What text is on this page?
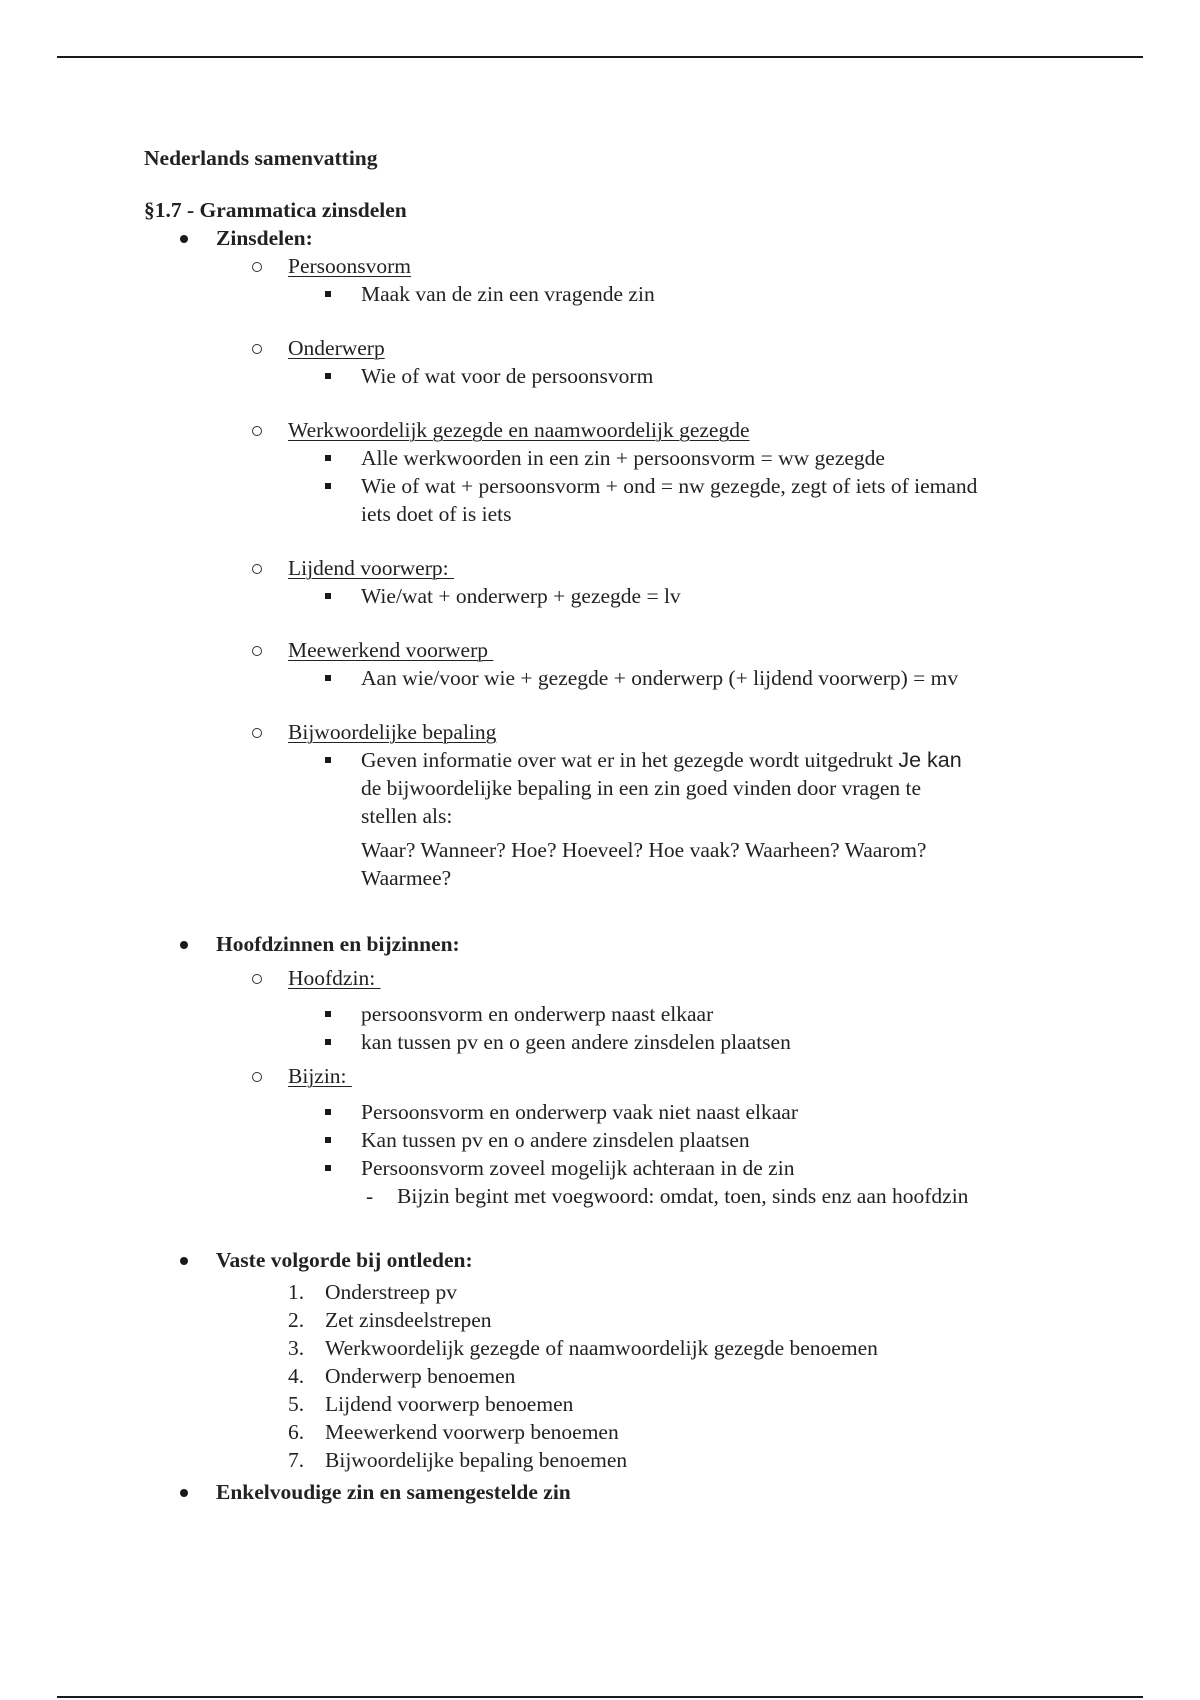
Nederlands samenvatting
§1.7 - Grammatica zinsdelen
Zinsdelen:
Persoonsvorm
Maak van de zin een vragende zin
Onderwerp
Wie of wat voor de persoonsvorm
Werkwoordelijk gezegde en naamwoordelijk gezegde
Alle werkwoorden in een zin + persoonsvorm = ww gezegde
Wie of wat + persoonsvorm + ond = nw gezegde, zegt of iets of iemand
iets doet of is iets
Lijdend voorwerp:
Wie/wat + onderwerp + gezegde = lv
Meewerkend voorwerp
Aan wie/voor wie + gezegde + onderwerp (+ lijdend voorwerp) = mv
Bijwoordelijke bepaling
Geven informatie over wat er in het gezegde wordt uitgedrukt Je kan
de bijwoordelijke bepaling in een zin goed vinden door vragen te
stellen als:
Waar? Wanneer? Hoe? Hoeveel? Hoe vaak? Waarheen? Waarom?
Waarmee?
Hoofdzinnen en bijzinnen:
Hoofdzin:
persoonsvorm en onderwerp naast elkaar
kan tussen pv en o geen andere zinsdelen plaatsen
Bijzin:
Persoonsvorm en onderwerp vaak niet naast elkaar
Kan tussen pv en o andere zinsdelen plaatsen
Persoonsvorm zoveel mogelijk achteraan in de zin
- Bijzin begint met voegwoord: omdat, toen, sinds enz aan hoofdzin
Vaste volgorde bij ontleden:
1. Onderstreep pv
2. Zet zinsdeelstrepen
3. Werkwoordelijk gezegde of naamwoordelijk gezegde benoemen
4. Onderwerp benoemen
5. Lijdend voorwerp benoemen
6. Meewerkend voorwerp benoemen
7. Bijwoordelijke bepaling benoemen
Enkelvoudige zin en samengestelde zin
